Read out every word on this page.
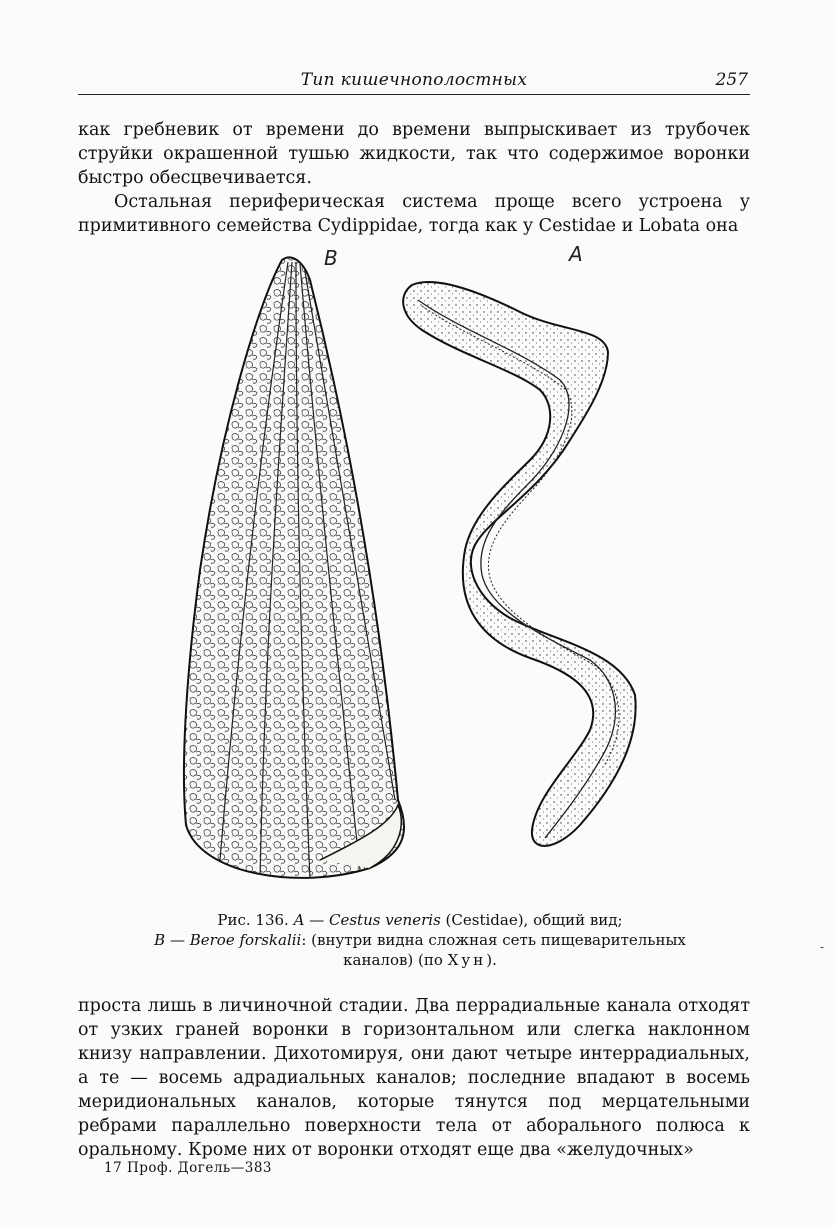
Тип кишечнополостных	257

как гребневик от времени до времени выпрыскивает из трубочек струйки окрашенной тушью жидкости, так что содержимое воронки быстро обесцвечивается.

Остальная периферическая система проще всего устроена у примитивного семейства Cydippidae, тогда как у Cestidae и Lobata она

B	A
Рис. 136. A — Cestus veneris (Cestidae), общий вид;
B — Beroe forskalii: (внутри видна сложная сеть пищеварительных каналов) (по Хун).

проста лишь в личиночной стадии. Два перрадиальные канала отходят от узких граней воронки в горизонтальном или слегка наклонном книзу направлении. Дихотомируя, они дают четыре интеррадиальных, а те — восемь адрадиальных каналов; последние впадают в восемь меридиональных каналов, которые тянутся под мерцательными ребрами параллельно поверхности тела от аборального полюса к оральному. Кроме них от воронки отходят еще два «желудочных»

17 Проф. Догель—383
-
